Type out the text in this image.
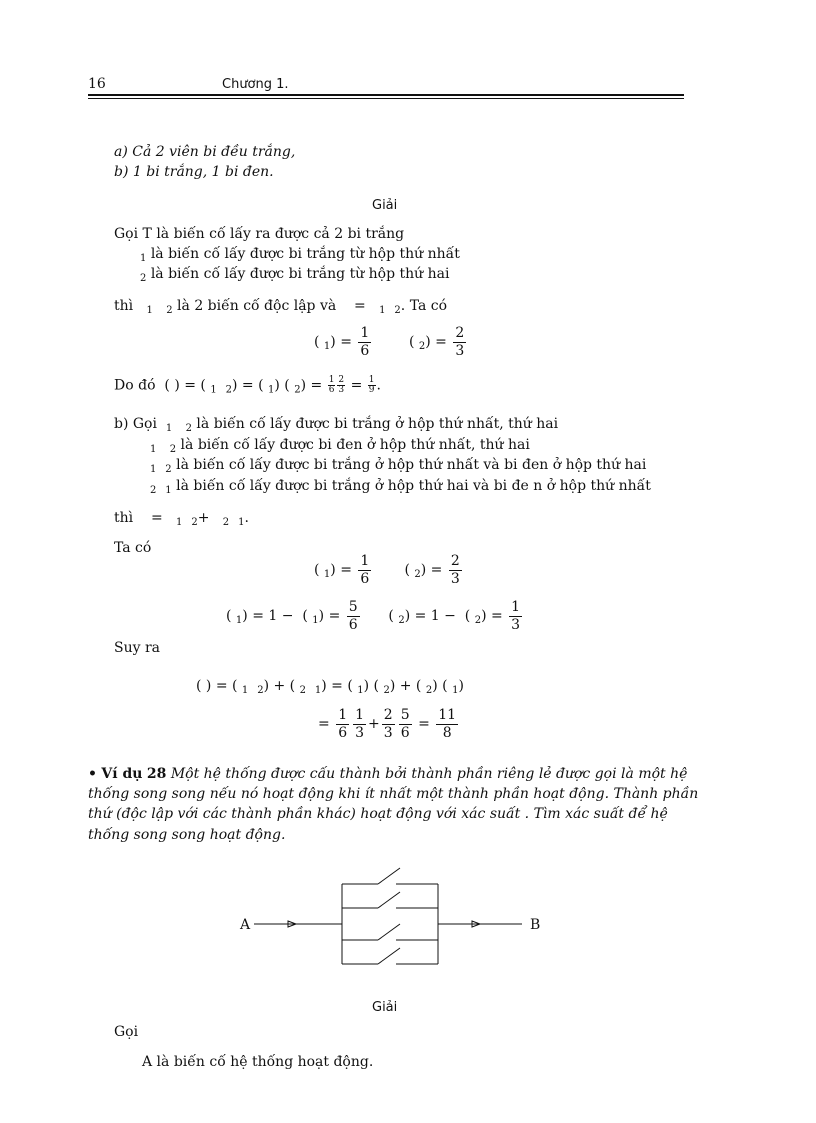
16	Chương 1.
a) Cả 2 viên bi đều trắng,
b) 1 bi trắng, 1 bi đen.
Giải
Gọi T là biến cố lấy ra được cả 2 bi trắng
$_1$ là biến cố lấy được bi trắng từ hộp thứ nhất
$_2$ là biến cố lấy được bi trắng từ hộp thứ hai
thì   $_1$ $_2$ là 2 biến cố độc lập và    = $_1$ $_2$. Ta có
( $_1) = \frac{1}{6}$	( $_2) = \frac{2}{3}$
Do đó  ( ) = ( $_1$ $_2$) = ( $_1$) ( $_2) = \frac{1}{6} \frac{2}{3} = \frac{1}{9}$ .
b) Gọi  $_1$ $_2$ là biến cố lấy được bi trắng ở hộp thứ nhất, thứ hai
$_1$ $_2$ là biến cố lấy được bi đen ở hộp thứ nhất, thứ hai
$_1$ $_2$ là biến cố lấy được bi trắng ở hộp thứ nhất và bi đen ở hộp thứ hai
$_2$ $_1$ là biến cố lấy được bi trắng ở hộp thứ hai và bi đe n ở hộp thứ nhất
thì = $_1$ $_2$+ $_2$ $_1$.
Ta có
( $_1) = \frac{1}{6}$ ( $_2) = \frac{2}{3}$
( $_1$) = 1 −  ( $_1) = \frac{5}{6}$ ( $_2$) = 1 −  ( $_2) = \frac{1}{3}$
Suy ra
( ) = ( $_1$ $_2$) + ( $_2$ $_1$) = ( $_1$) ( $_2$) + ( $_2$) ( $_1$)
= $\frac{1}{6} \frac{1}{3} + \frac{2}{3} \frac{5}{6} = \frac{11}{8}$
• Ví dụ 28 Một hệ thống được cấu thành bởi thành phần riêng lẻ được gọi là một hệ
thống song song nếu nó hoạt động khi ít nhất một thành phần hoạt động. Thành phần
thứ (độc lập với các thành phần khác) hoạt động với xác suất . Tìm xác suất để hệ
thống song song hoạt động.
A	B
Giải
Gọi
A là biến cố hệ thống hoạt động.
